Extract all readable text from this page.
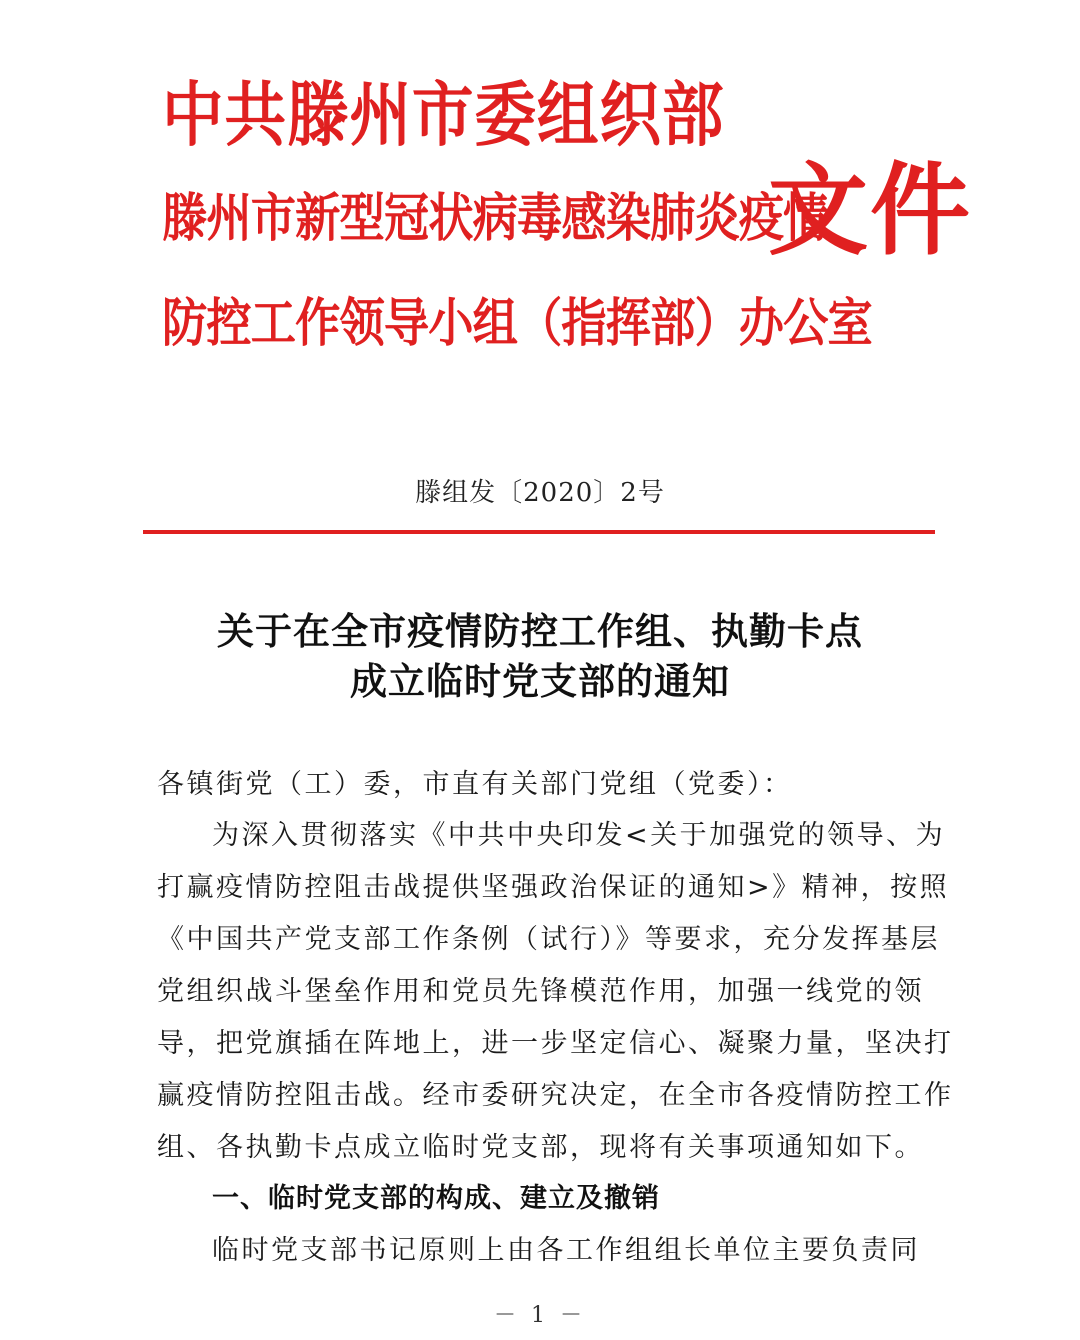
中共滕州市委组织部
滕州市新型冠状病毒感染肺炎疫情
防控工作领导小组（指挥部）办公室
文件
滕组发〔2020〕2号
关于在全市疫情防控工作组、执勤卡点
成立临时党支部的通知
各镇街党（工）委，市直有关部门党组（党委）：
为深入贯彻落实《中共中央印发<关于加强党的领导、为
打赢疫情防控阻击战提供坚强政治保证的通知>》精神，按照
《中国共产党支部工作条例（试行）》等要求，充分发挥基层
党组织战斗堡垒作用和党员先锋模范作用，加强一线党的领
导，把党旗插在阵地上，进一步坚定信心、凝聚力量，坚决打
赢疫情防控阻击战。经市委研究决定，在全市各疫情防控工作
组、各执勤卡点成立临时党支部，现将有关事项通知如下。
一、临时党支部的构成、建立及撤销
临时党支部书记原则上由各工作组组长单位主要负责同
－ 1 －
